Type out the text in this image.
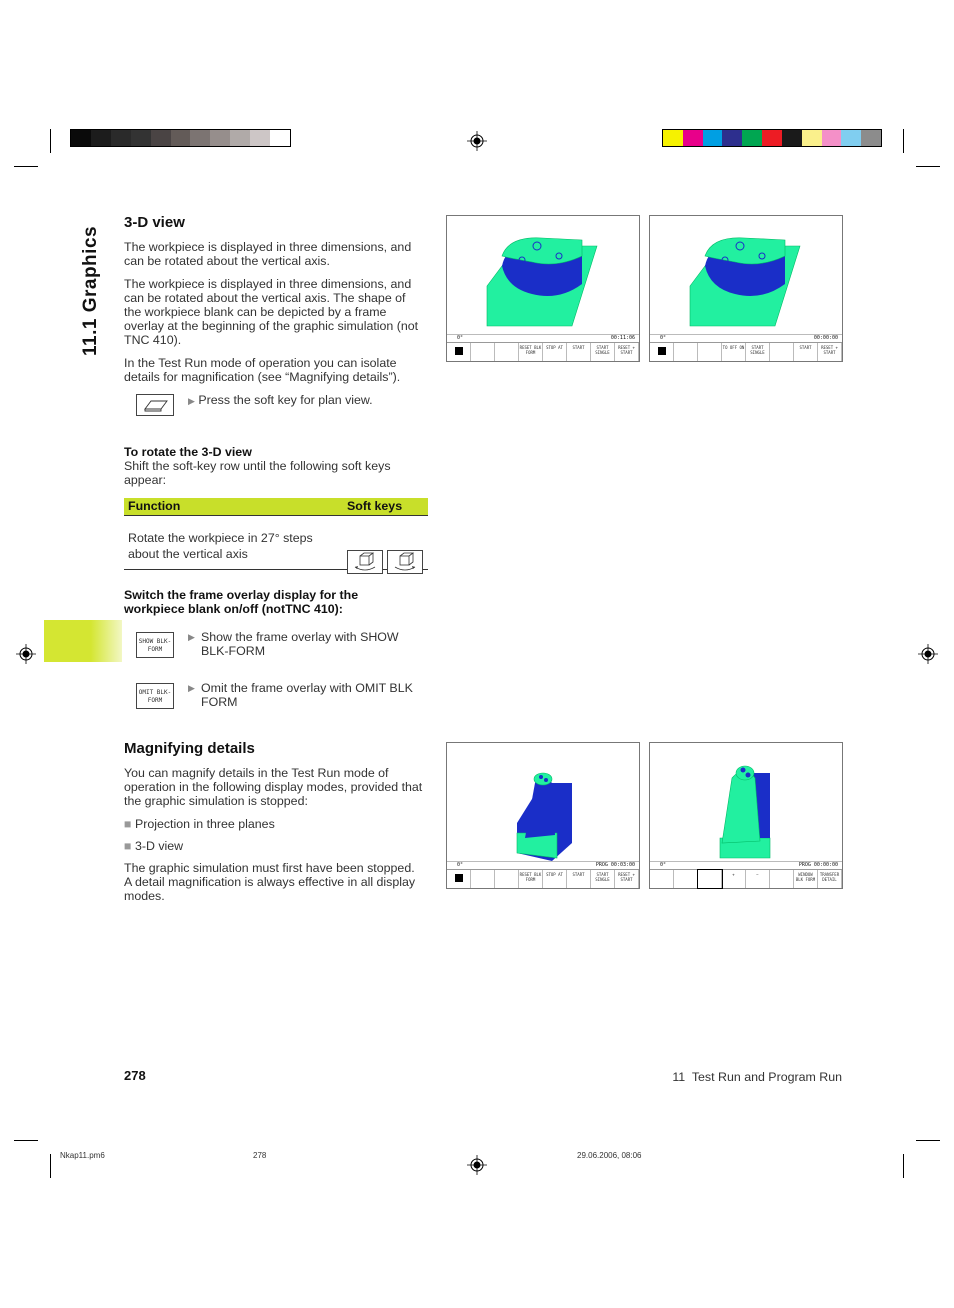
11.1 Graphics
3-D view
The workpiece is displayed in three dimensions, and can be rotated about the vertical axis.
The workpiece is displayed in three dimensions, and can be rotated about the vertical axis. The shape of the workpiece blank can be depicted by a frame overlay at the beginning of the graphic simulation (not TNC 410).
In the Test Run mode of operation you can isolate details for magnification (see “Magnifying details”).
▶ Press the soft key for plan view.
To rotate the 3-D view
Shift the soft-key row until the following soft keys appear:
Function	Soft keys
Rotate the workpiece in 27° steps about the vertical axis
Switch the frame overlay display for the workpiece blank on/off (notTNC 410):
SHOW BLK-FORM
▶ Show the frame overlay with SHOW BLK-FORM
OMIT BLK-FORM
▶ Omit the frame overlay with OMIT BLK FORM
Magnifying details
You can magnify details in the Test Run mode of operation in the following display modes, provided that the graphic simulation is stopped:
■ Projection in three planes
■ 3-D view
The graphic simulation must first have been stopped. A detail magnification is always effective in all display modes.
0°	00:11:06
RESET BLK FORM
STOP AT	START	START SINGLE
RESET + START
0°	00:00:00
TO OFF ON	START SINGLE
START	RESET + START
0°	PROG 00:03:00
RESET BLK FORM
STOP AT	START	START SINGLE
RESET + START
0°	PROG 00:00:00
+	−	WINDOW BLK FORM
TRANSFER DETAIL
278	11  Test Run and Program Run
Nkap11.pm6	278	29.06.2006, 08:06
